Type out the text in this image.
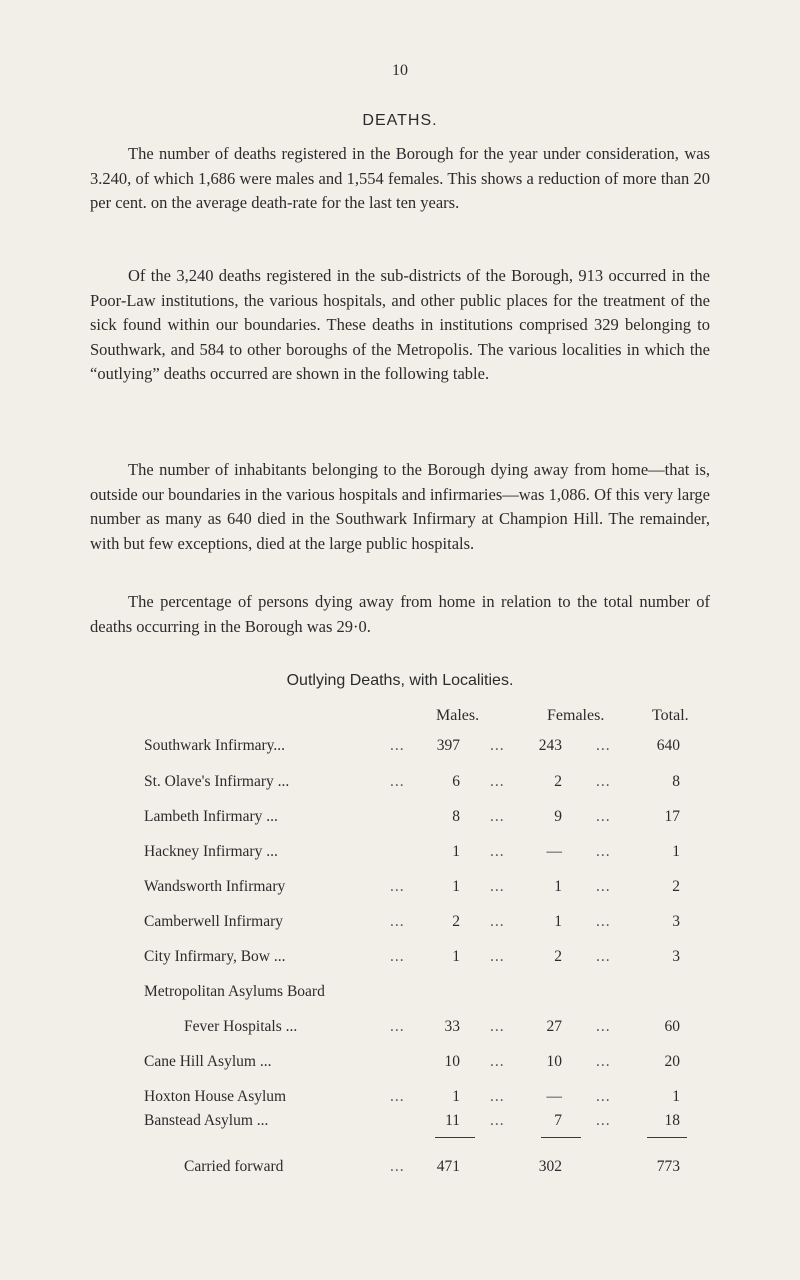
10
DEATHS.

The number of deaths registered in the Borough for the year under consideration, was 3.240, of which 1,686 were males and 1,554 females. This shows a reduction of more than 20 per cent. on the average death-rate for the last ten years.

Of the 3,240 deaths registered in the sub-districts of the Borough, 913 occurred in the Poor-Law institutions, the various hospitals, and other public places for the treatment of the sick found within our boundaries. These deaths in institutions comprised 329 belonging to Southwark, and 584 to other boroughs of the Metropolis. The various localities in which the “outlying” deaths occurred are shown in the following table.

The number of inhabitants belonging to the Borough dying away from home—that is, outside our boundaries in the various hospitals and infirmaries—was 1,086. Of this very large number as many as 640 died in the Southwark Infirmary at Champion Hill. The remainder, with but few exceptions, died at the large public hospitals.

The percentage of persons dying away from home in relation to the total number of deaths occurring in the Borough was 29·0.

Outlying Deaths, with Localities.
Males.	Females.	Total.
Southwark Infirmary...	...	397 ...	243 ...	640
St. Olave's Infirmary ...	...	6 ...	2 ...	8
Lambeth Infirmary ...	8 ...	9 ...	17
Hackney Infirmary ...	1 ...	— ...	1
Wandsworth Infirmary	...	1 ...	1 ...	2
Camberwell Infirmary	...	2 ...	1 ...	3
City Infirmary, Bow ...	...	1 ...	2 ...	3
Metropolitan Asylums Board
Fever Hospitals ...	...	33 ...	27 ...	60
Cane Hill Asylum ...	10 ...	10 ...	20
Hoxton House Asylum	...	1 ...	— ...	1
Banstead Asylum ...	11 ...	7 ...	18
Carried forward	...	471	302	773
